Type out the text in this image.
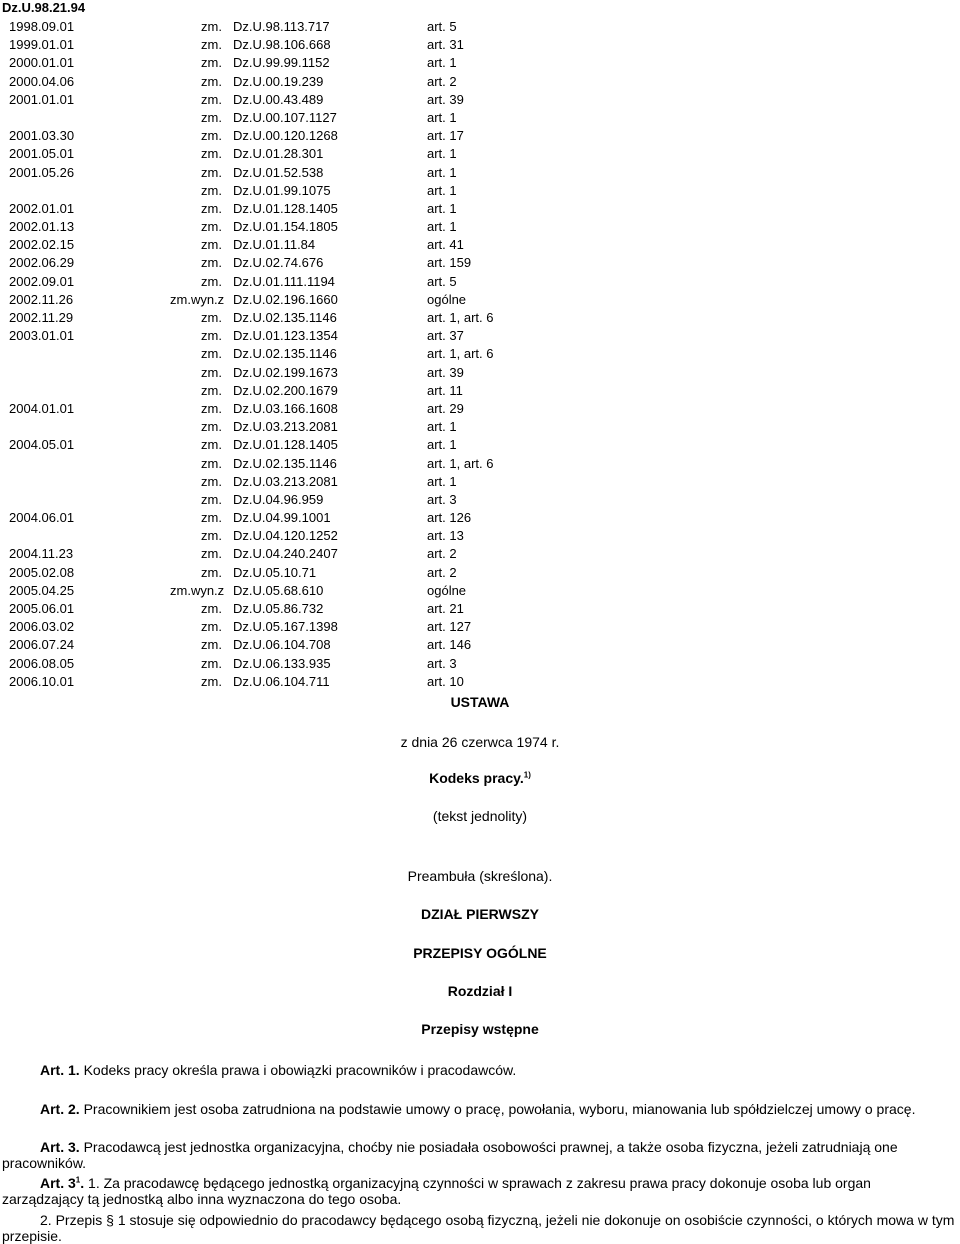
Dz.U.98.21.94
1998.09.01	zm. Dz.U.98.113.717	art. 5
1999.01.01	zm. Dz.U.98.106.668	art. 31
2000.01.01	zm. Dz.U.99.99.1152	art. 1
2000.04.06	zm. Dz.U.00.19.239	art. 2
2001.01.01	zm. Dz.U.00.43.489	art. 39
zm. Dz.U.00.107.1127	art. 1
2001.03.30	zm. Dz.U.00.120.1268	art. 17
2001.05.01	zm. Dz.U.01.28.301	art. 1
2001.05.26	zm. Dz.U.01.52.538	art. 1
zm. Dz.U.01.99.1075	art. 1
2002.01.01	zm. Dz.U.01.128.1405	art. 1
2002.01.13	zm. Dz.U.01.154.1805	art. 1
2002.02.15	zm. Dz.U.01.11.84	art. 41
2002.06.29	zm. Dz.U.02.74.676	art. 159
2002.09.01	zm. Dz.U.01.111.1194	art. 5
2002.11.26	zm.wyn.z Dz.U.02.196.1660	ogólne
2002.11.29	zm. Dz.U.02.135.1146	art. 1, art. 6
2003.01.01	zm. Dz.U.01.123.1354	art. 37
zm. Dz.U.02.135.1146	art. 1, art. 6
zm. Dz.U.02.199.1673	art. 39
zm. Dz.U.02.200.1679	art. 11
2004.01.01	zm. Dz.U.03.166.1608	art. 29
zm. Dz.U.03.213.2081	art. 1
2004.05.01	zm. Dz.U.01.128.1405	art. 1
zm. Dz.U.02.135.1146	art. 1, art. 6
zm. Dz.U.03.213.2081	art. 1
zm. Dz.U.04.96.959	art. 3
2004.06.01	zm. Dz.U.04.99.1001	art. 126
zm. Dz.U.04.120.1252	art. 13
2004.11.23	zm. Dz.U.04.240.2407	art. 2
2005.02.08	zm. Dz.U.05.10.71	art. 2
2005.04.25	zm.wyn.z Dz.U.05.68.610	ogólne
2005.06.01	zm. Dz.U.05.86.732	art. 21
2006.03.02	zm. Dz.U.05.167.1398	art. 127
2006.07.24	zm. Dz.U.06.104.708	art. 146
2006.08.05	zm. Dz.U.06.133.935	art. 3
2006.10.01	zm. Dz.U.06.104.711	art. 10
USTAWA
z dnia 26 czerwca 1974 r.
Kodeks pracy.$^{1)}$
(tekst jednolity)
Preambuła (skreślona).
DZIAŁ PIERWSZY
PRZEPISY OGÓLNE
Rozdział I
Przepisy wstępne
Art. 1. Kodeks pracy określa prawa i obowiązki pracowników i pracodawców.
Art. 2. Pracownikiem jest osoba zatrudniona na podstawie umowy o pracę, powołania, wyboru, mianowania lub spółdzielczej umowy o pracę.
Art. 3. Pracodawcą jest jednostka organizacyjna, choćby nie posiadała osobowości prawnej, a także osoba fizyczna, jeżeli zatrudniają one pracowników.
Art. $3^1$. 1. Za pracodawcę będącego jednostką organizacyjną czynności w sprawach z zakresu prawa pracy dokonuje osoba lub organ zarządzający tą jednostką albo inna wyznaczona do tego osoba.
2. Przepis § 1 stosuje się odpowiednio do pracodawcy będącego osobą fizyczną, jeżeli nie dokonuje on osobiście czynności, o których mowa w tym przepisie.
